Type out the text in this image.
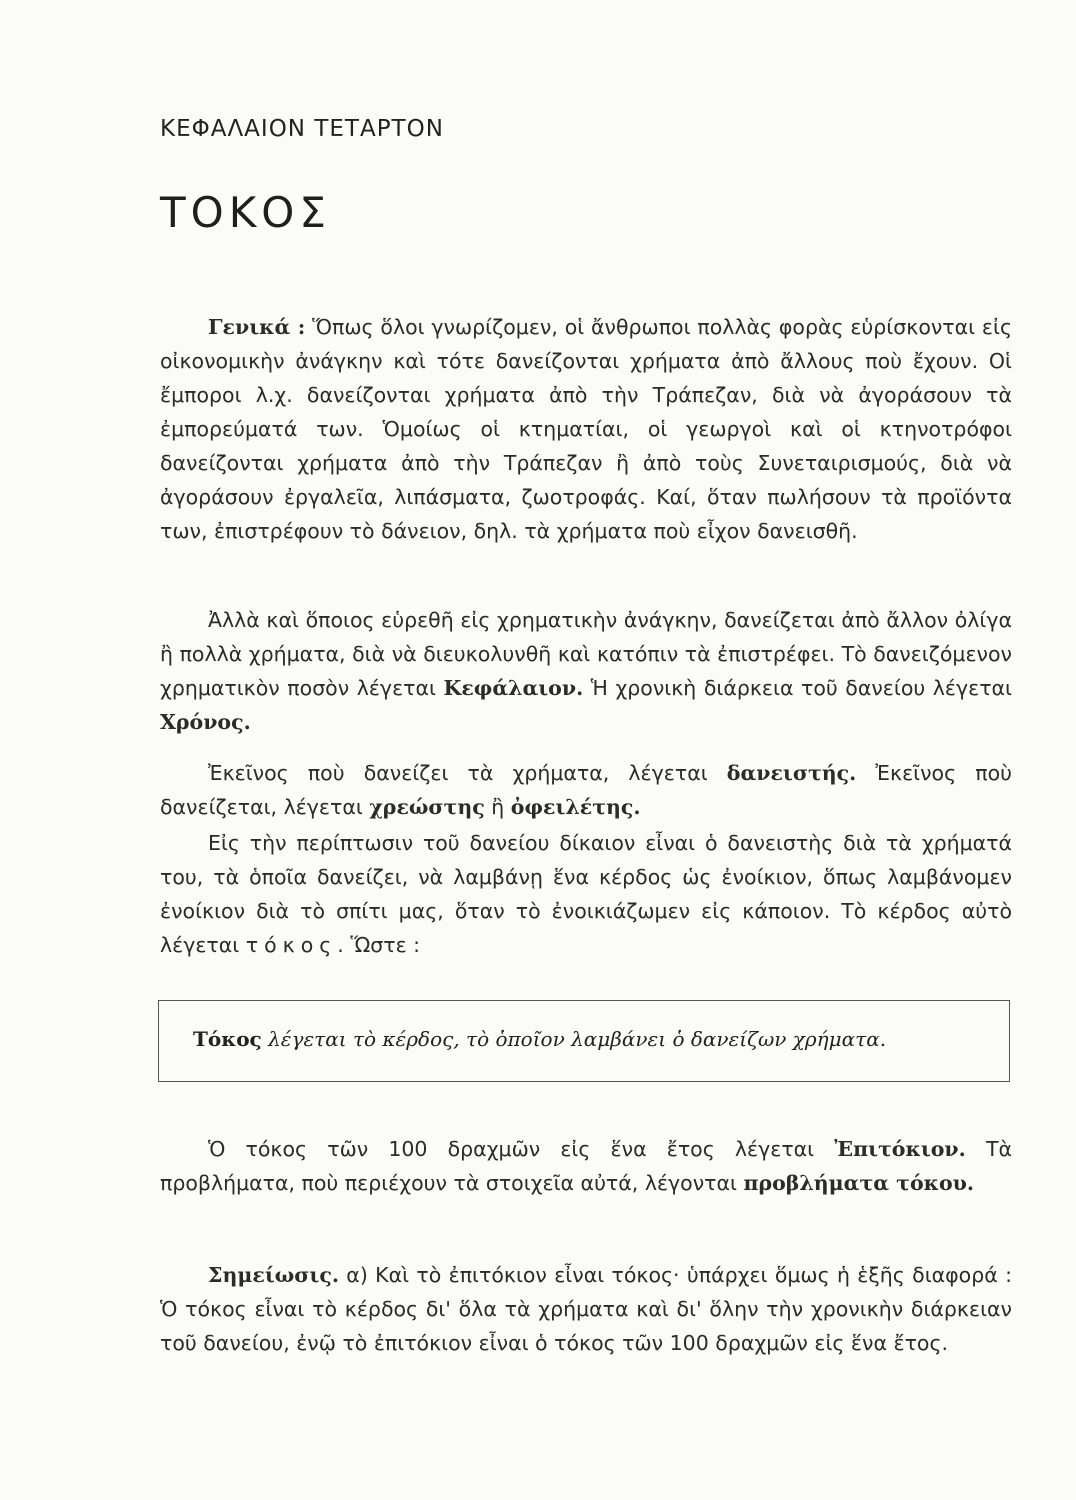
ΚΕΦΑΛΑΙΟΝ ΤΕΤΑΡΤΟΝ
ΤΟΚΟΣ
Γενικά : Ὅπως ὅλοι γνωρίζομεν, οἱ ἄνθρωποι πολλὰς φορὰς εὑρίσκονται εἰς οἰκονομικὴν ἀνάγκην καὶ τότε δανείζονται χρήματα ἀπὸ ἄλλους ποὺ ἔχουν. Οἱ ἔμποροι λ.χ. δανείζονται χρήματα ἀπὸ τὴν Τράπεζαν, διὰ νὰ ἀγοράσουν τὰ ἐμπορεύματά των. Ὁμοίως οἱ κτηματίαι, οἱ γεωργοὶ καὶ οἱ κτηνοτρόφοι δανείζονται χρήματα ἀπὸ τὴν Τράπεζαν ἢ ἀπὸ τοὺς Συνεταιρισμούς, διὰ νὰ ἀγοράσουν ἐργαλεῖα, λιπάσματα, ζωοτροφάς. Καί, ὅταν πωλήσουν τὰ προϊόντα των, ἐπιστρέφουν τὸ δάνειον, δηλ. τὰ χρήματα ποὺ εἶχον δανεισθῆ.
Ἀλλὰ καὶ ὅποιος εὑρεθῆ εἰς χρηματικὴν ἀνάγκην, δανείζεται ἀπὸ ἄλλον ὀλίγα ἢ πολλὰ χρήματα, διὰ νὰ διευκολυνθῆ καὶ κατόπιν τὰ ἐπιστρέφει. Τὸ δανειζόμενον χρηματικὸν ποσὸν λέγεται Κεφάλαιον. Ἡ χρονικὴ διάρκεια τοῦ δανείου λέγεται Χρόνος.
Ἐκεῖνος ποὺ δανείζει τὰ χρήματα, λέγεται δανειστής. Ἐκεῖνος ποὺ δανείζεται, λέγεται χρεώστης ἢ ὀφειλέτης.
Εἰς τὴν περίπτωσιν τοῦ δανείου δίκαιον εἶναι ὁ δανειστὴς διὰ τὰ χρήματά του, τὰ ὁποῖα δανείζει, νὰ λαμβάνῃ ἕνα κέρδος ὡς ἐνοίκιον, ὅπως λαμβάνομεν ἐνοίκιον διὰ τὸ σπίτι μας, ὅταν τὸ ἐνοικιάζωμεν εἰς κάποιον. Τὸ κέρδος αὐτὸ λέγεται τόκος. Ὥστε :
Τόκος λέγεται τὸ κέρδος, τὸ ὁποῖον λαμβάνει ὁ δανείζων χρήματα.
Ὁ τόκος τῶν 100 δραχμῶν εἰς ἕνα ἔτος λέγεται Ἐπιτόκιον. Τὰ προβλήματα, ποὺ περιέχουν τὰ στοιχεῖα αὐτά, λέγονται προβλήματα τόκου.
Σημείωσις. α) Καὶ τὸ ἐπιτόκιον εἶναι τόκος· ὑπάρχει ὅμως ἡ ἑξῆς διαφορά : Ὁ τόκος εἶναι τὸ κέρδος δι' ὅλα τὰ χρήματα καὶ δι' ὅλην τὴν χρονικὴν διάρκειαν τοῦ δανείου, ἐνῷ τὸ ἐπιτόκιον εἶναι ὁ τόκος τῶν 100 δραχμῶν εἰς ἕνα ἔτος.
